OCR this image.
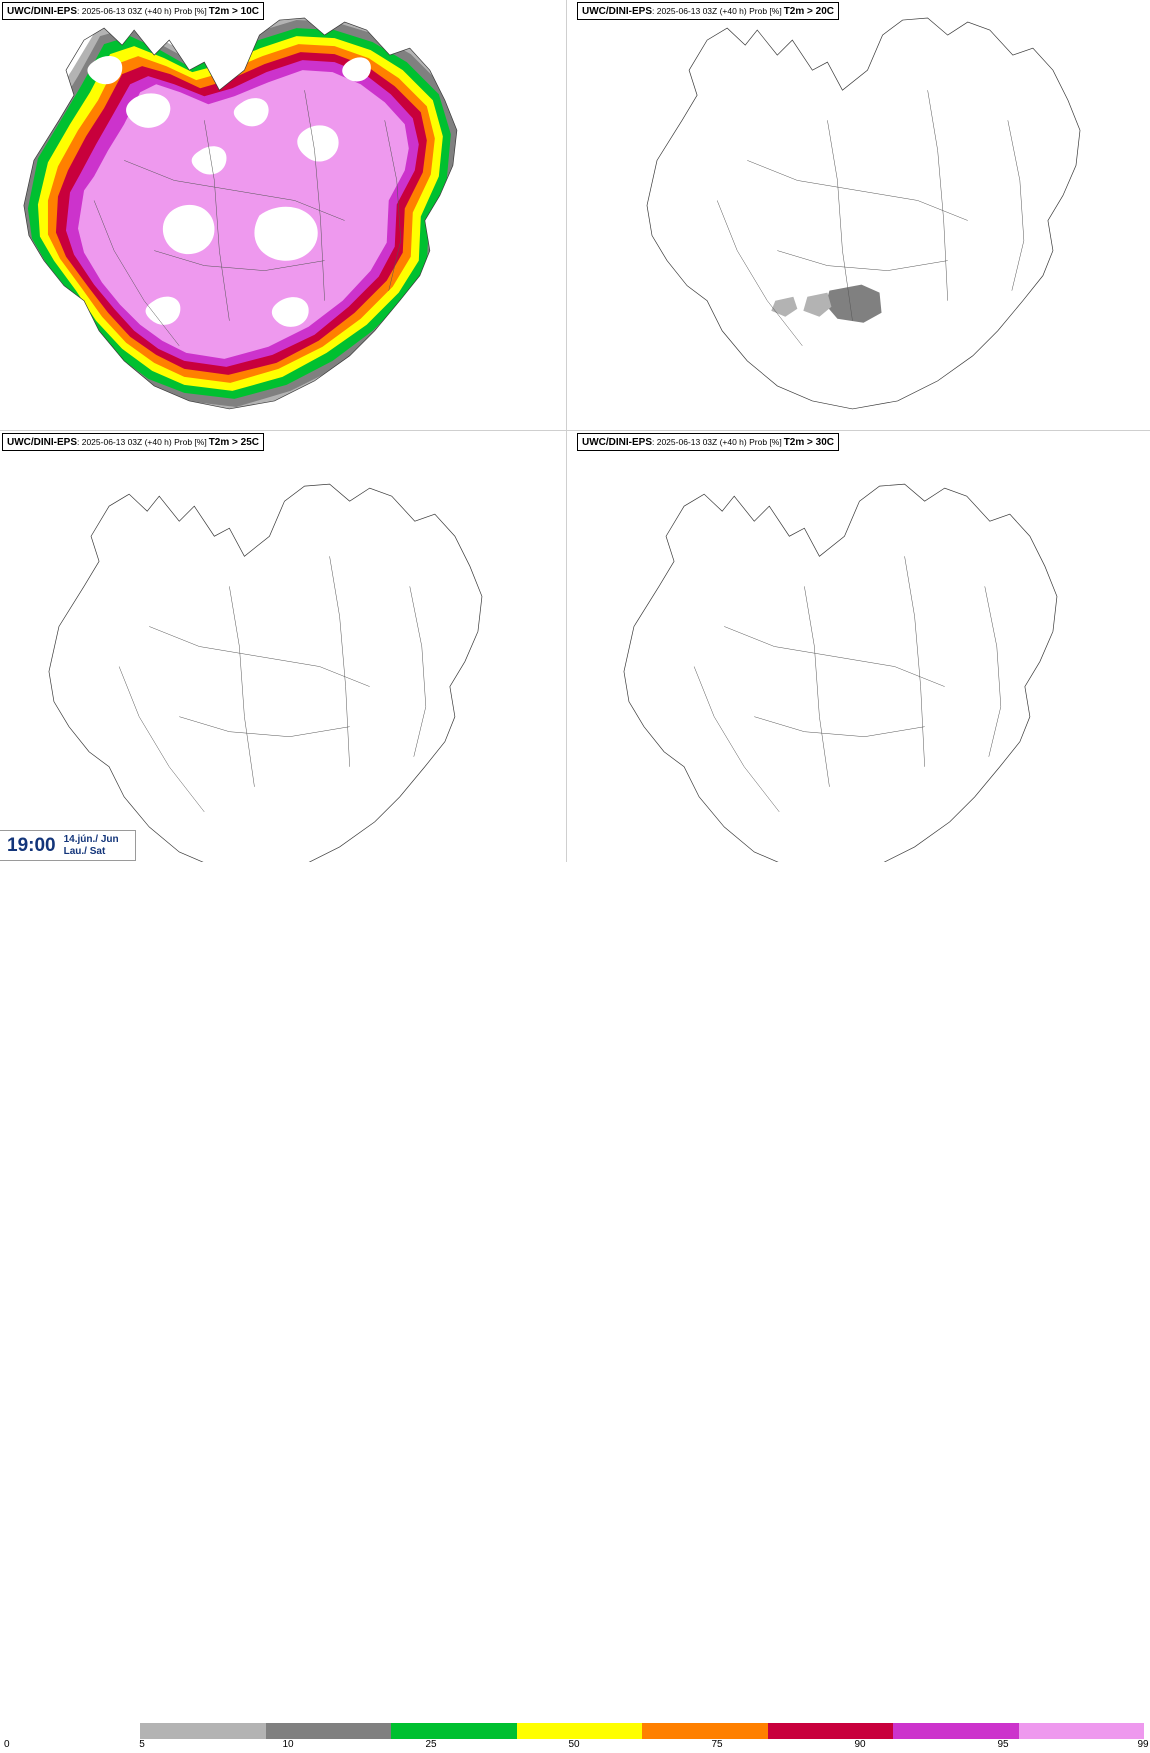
UWC/DINI-EPS: 2025-06-13 03Z (+40 h) Prob [%] T2m > 10C	UWC/DINI-EPS: 2025-06-13 03Z (+40 h) Prob [%] T2m > 20C
UWC/DINI-EPS: 2025-06-13 03Z (+40 h) Prob [%] T2m > 25C	UWC/DINI-EPS: 2025-06-13 03Z (+40 h) Prob [%] T2m > 30C
19:00 14.jún./ Jun
Lau./ Sat
0	5	10	25	50	75	90	95	99
